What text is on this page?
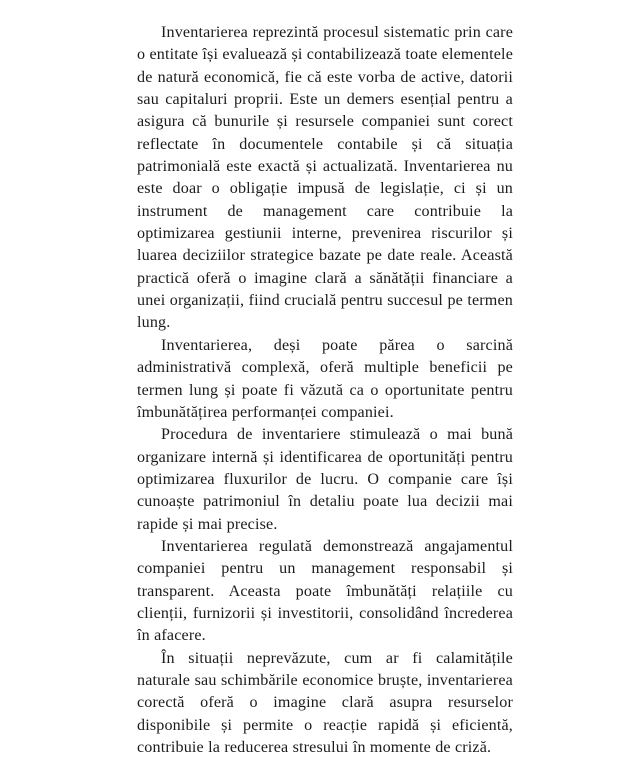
Inventarierea reprezintă procesul sistematic prin care o entitate își evaluează și contabilizează toate elementele de natură economică, fie că este vorba de active, datorii sau capitaluri proprii. Este un demers esențial pentru a asigura că bunurile și resursele companiei sunt corect reflectate în documentele contabile și că situația patrimonială este exactă și actualizată. Inventarierea nu este doar o obligație impusă de legislație, ci și un instrument de management care contribuie la optimizarea gestiunii interne, prevenirea riscurilor și luarea deciziilor strategice bazate pe date reale. Această practică oferă o imagine clară a sănătății financiare a unei organizații, fiind crucială pentru succesul pe termen lung.

Inventarierea, deși poate părea o sarcină administrativă complexă, oferă multiple beneficii pe termen lung și poate fi văzută ca o oportunitate pentru îmbunătățirea performanței companiei.

Procedura de inventariere stimulează o mai bună organizare internă și identificarea de oportunități pentru optimizarea fluxurilor de lucru. O companie care își cunoaște patrimoniul în detaliu poate lua decizii mai rapide și mai precise.

Inventarierea regulată demonstrează angajamentul companiei pentru un management responsabil și transparent. Aceasta poate îmbunătăți relațiile cu clienții, furnizorii și investitorii, consolidând încrederea în afacere.

În situații neprevăzute, cum ar fi calamitățile naturale sau schimbările economice bruște, inventarierea corectă oferă o imagine clară asupra resurselor disponibile și permite o reacție rapidă și eficientă, contribuie la reducerea stresului în momente de criză.
